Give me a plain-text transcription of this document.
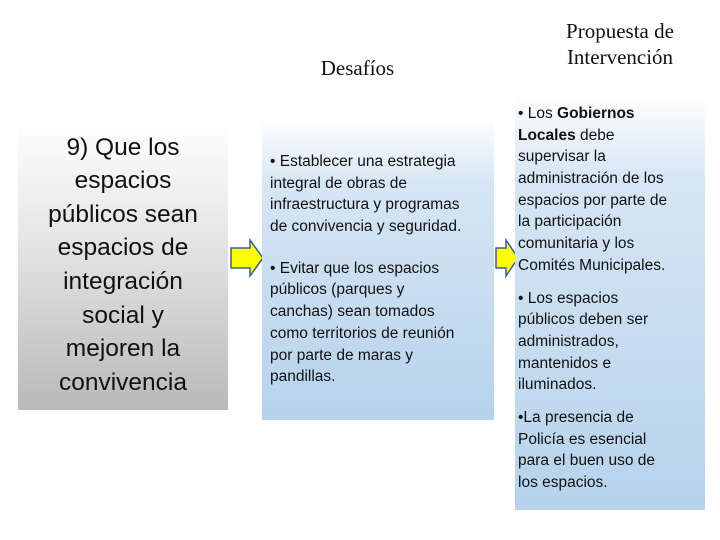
Desafíos
Propuesta de
Intervención
9) Que los
espacios
públicos sean
espacios de
integración
social y
mejoren la
convivencia

• Establecer una estrategia
integral de obras de
infraestructura y programas
de convivencia y seguridad.

• Evitar que los espacios
públicos (parques y
canchas) sean tomados
como territorios de reunión
por parte de maras y
pandillas.

• Los Gobiernos
Locales debe
supervisar la
administración de los
espacios por parte de
la participación
comunitaria y los
Comités Municipales.

• Los espacios
públicos deben ser
administrados,
mantenidos e
iluminados.

•La presencia de
Policía es esencial
para el buen uso de
los espacios.
